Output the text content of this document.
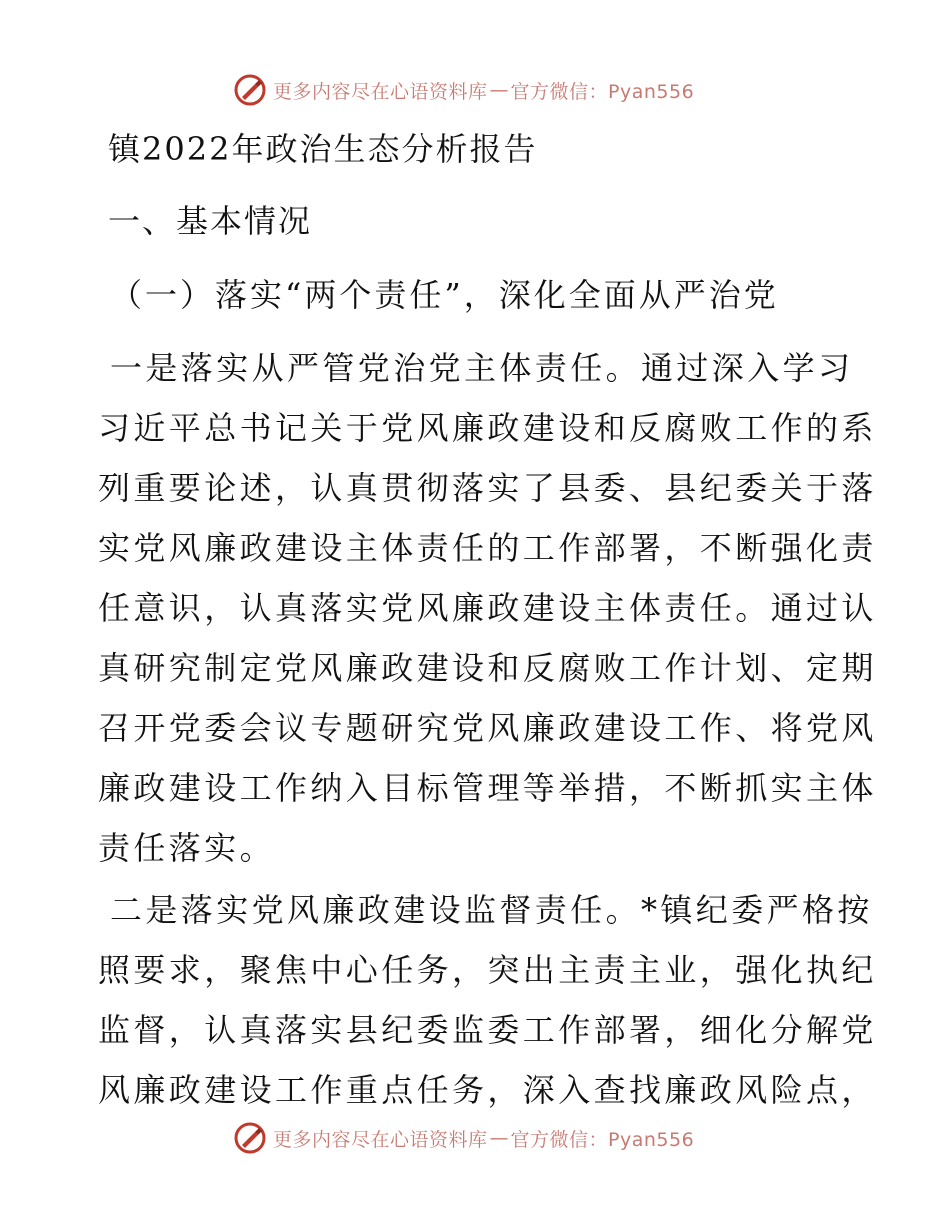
更多内容尽在心语资料库 — 官方微信：Pyan556
镇2022年政治生态分析报告
一、基本情况
（一）落实“两个责任”，深化全面从严治党
一是落实从严管党治党主体责任。通过深入学习
习近平总书记关于党风廉政建设和反腐败工作的系
列重要论述，认真贯彻落实了县委、县纪委关于落
实党风廉政建设主体责任的工作部署，不断强化责
任意识，认真落实党风廉政建设主体责任。通过认
真研究制定党风廉政建设和反腐败工作计划、定期
召开党委会议专题研究党风廉政建设工作、将党风
廉政建设工作纳入目标管理等举措，不断抓实主体
责任落实。
二是落实党风廉政建设监督责任。*镇纪委严格按
照要求，聚焦中心任务，突出主责主业，强化执纪
监督，认真落实县纪委监委工作部署，细化分解党
风廉政建设工作重点任务，深入查找廉政风险点，
更多内容尽在心语资料库 — 官方微信：Pyan556
